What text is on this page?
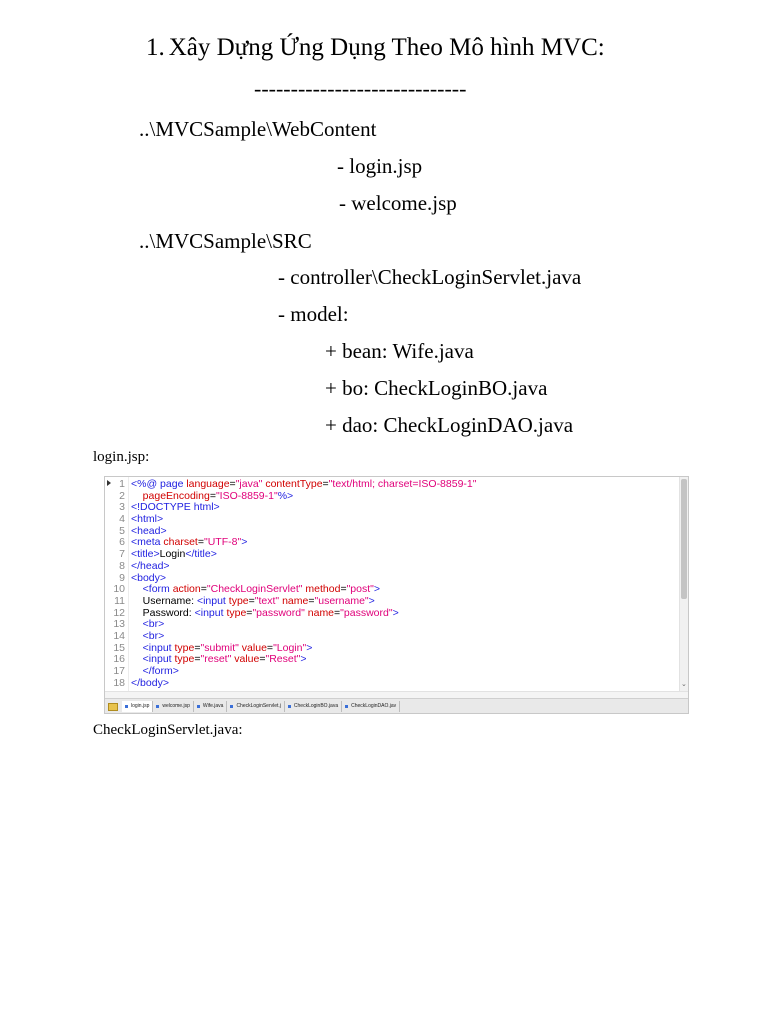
1. Xây Dựng Ứng Dụng Theo Mô hình MVC:
-----------------------------
..\MVCSample\WebContent
- login.jsp
- welcome.jsp
..\MVCSample\SRC
- controller\CheckLoginServlet.java
- model:
+ bean: Wife.java
+ bo: CheckLoginBO.java
+ dao: CheckLoginDAO.java
login.jsp:
1 <%@ page language="java" contentType="text/html; charset=ISO-8859-1"
2 pageEncoding="ISO-8859-1"%>
3 <!DOCTYPE html>
4 <html>
5 <head>
6 <meta charset="UTF-8">
7 <title>Login</title>
8 </head>
9 <body>
10 <form action="CheckLoginServlet" method="post">
11 Username: <input type="text" name="username">
12 Password: <input type="password" name="password">
13 <br>
14 <br>
15 <input type="submit" value="Login">
16 <input type="reset" value="Reset">
17 </form>
18 </body>	⌄
login.jsp	welcome.jsp	Wife.java	CheckLoginServlet.j	CheckLoginBO.java	CheckLoginDAO.jav
CheckLoginServlet.java:
